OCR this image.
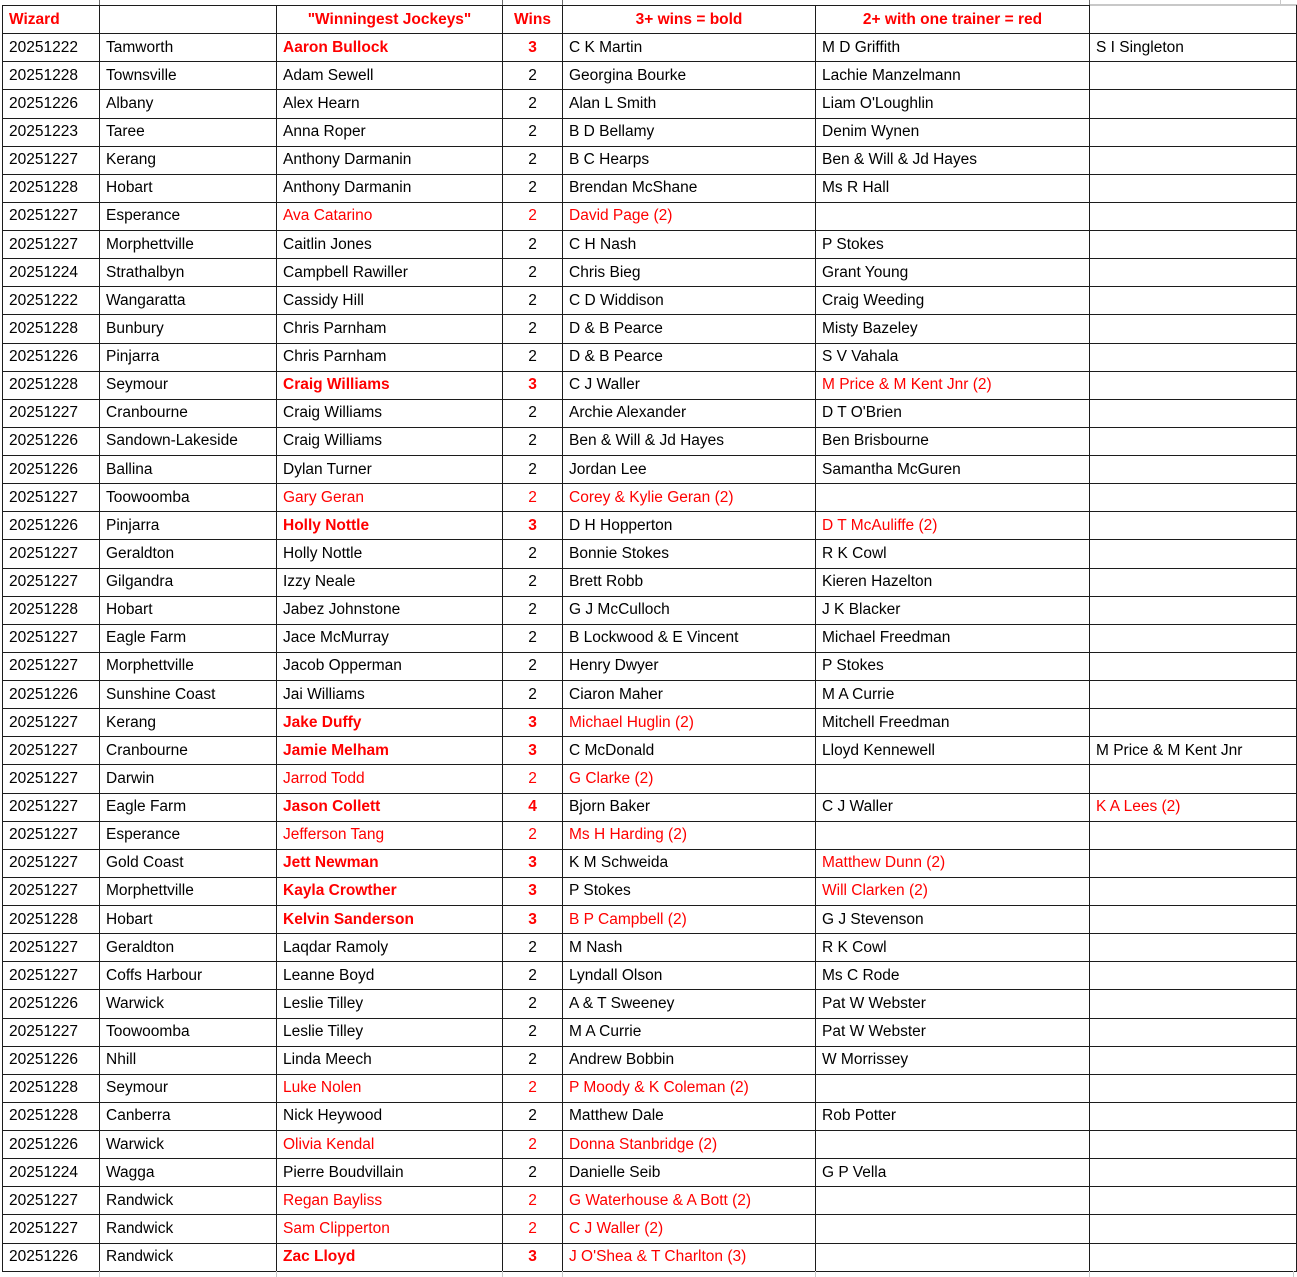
Wizard		"Winningest Jockeys"	Wins	3+ wins = bold	2+ with one trainer = red	
20251222	Tamworth	Aaron Bullock	3	C K Martin	M D Griffith	S I Singleton
20251228	Townsville	Adam Sewell	2	Georgina Bourke	Lachie Manzelmann	
20251226	Albany	Alex Hearn	2	Alan L Smith	Liam O'Loughlin	
20251223	Taree	Anna Roper	2	B D Bellamy	Denim Wynen	
20251227	Kerang	Anthony Darmanin	2	B C Hearps	Ben & Will & Jd Hayes	
20251228	Hobart	Anthony Darmanin	2	Brendan McShane	Ms R Hall	
20251227	Esperance	Ava Catarino	2	David Page (2)		
20251227	Morphettville	Caitlin Jones	2	C H Nash	P Stokes	
20251224	Strathalbyn	Campbell Rawiller	2	Chris Bieg	Grant Young	
20251222	Wangaratta	Cassidy Hill	2	C D Widdison	Craig Weeding	
20251228	Bunbury	Chris Parnham	2	D & B Pearce	Misty Bazeley	
20251226	Pinjarra	Chris Parnham	2	D & B Pearce	S V Vahala	
20251228	Seymour	Craig Williams	3	C J Waller	M Price & M Kent Jnr (2)	
20251227	Cranbourne	Craig Williams	2	Archie Alexander	D T O'Brien	
20251226	Sandown-Lakeside	Craig Williams	2	Ben & Will & Jd Hayes	Ben Brisbourne	
20251226	Ballina	Dylan Turner	2	Jordan Lee	Samantha McGuren	
20251227	Toowoomba	Gary Geran	2	Corey & Kylie Geran (2)		
20251226	Pinjarra	Holly Nottle	3	D H Hopperton	D T McAuliffe (2)	
20251227	Geraldton	Holly Nottle	2	Bonnie Stokes	R K Cowl	
20251227	Gilgandra	Izzy Neale	2	Brett Robb	Kieren Hazelton	
20251228	Hobart	Jabez Johnstone	2	G J McCulloch	J K Blacker	
20251227	Eagle Farm	Jace McMurray	2	B Lockwood & E Vincent	Michael Freedman	
20251227	Morphettville	Jacob Opperman	2	Henry Dwyer	P Stokes	
20251226	Sunshine Coast	Jai Williams	2	Ciaron Maher	M A Currie	
20251227	Kerang	Jake Duffy	3	Michael Huglin (2)	Mitchell Freedman	
20251227	Cranbourne	Jamie Melham	3	C McDonald	Lloyd Kennewell	M Price & M Kent Jnr
20251227	Darwin	Jarrod Todd	2	G Clarke (2)		
20251227	Eagle Farm	Jason Collett	4	Bjorn Baker	C J Waller	K A Lees (2)
20251227	Esperance	Jefferson Tang	2	Ms H Harding (2)		
20251227	Gold Coast	Jett Newman	3	K M Schweida	Matthew Dunn (2)	
20251227	Morphettville	Kayla Crowther	3	P Stokes	Will Clarken (2)	
20251228	Hobart	Kelvin Sanderson	3	B P Campbell (2)	G J Stevenson	
20251227	Geraldton	Laqdar Ramoly	2	M Nash	R K Cowl	
20251227	Coffs Harbour	Leanne Boyd	2	Lyndall Olson	Ms C Rode	
20251226	Warwick	Leslie Tilley	2	A & T Sweeney	Pat W Webster	
20251227	Toowoomba	Leslie Tilley	2	M A Currie	Pat W Webster	
20251226	Nhill	Linda Meech	2	Andrew Bobbin	W Morrissey	
20251228	Seymour	Luke Nolen	2	P Moody & K Coleman (2)		
20251228	Canberra	Nick Heywood	2	Matthew Dale	Rob Potter	
20251226	Warwick	Olivia Kendal	2	Donna Stanbridge (2)		
20251224	Wagga	Pierre Boudvillain	2	Danielle Seib	G P Vella	
20251227	Randwick	Regan Bayliss	2	G Waterhouse & A Bott (2)		
20251227	Randwick	Sam Clipperton	2	C J Waller (2)		
20251226	Randwick	Zac Lloyd	3	J O'Shea & T Charlton (3)		
